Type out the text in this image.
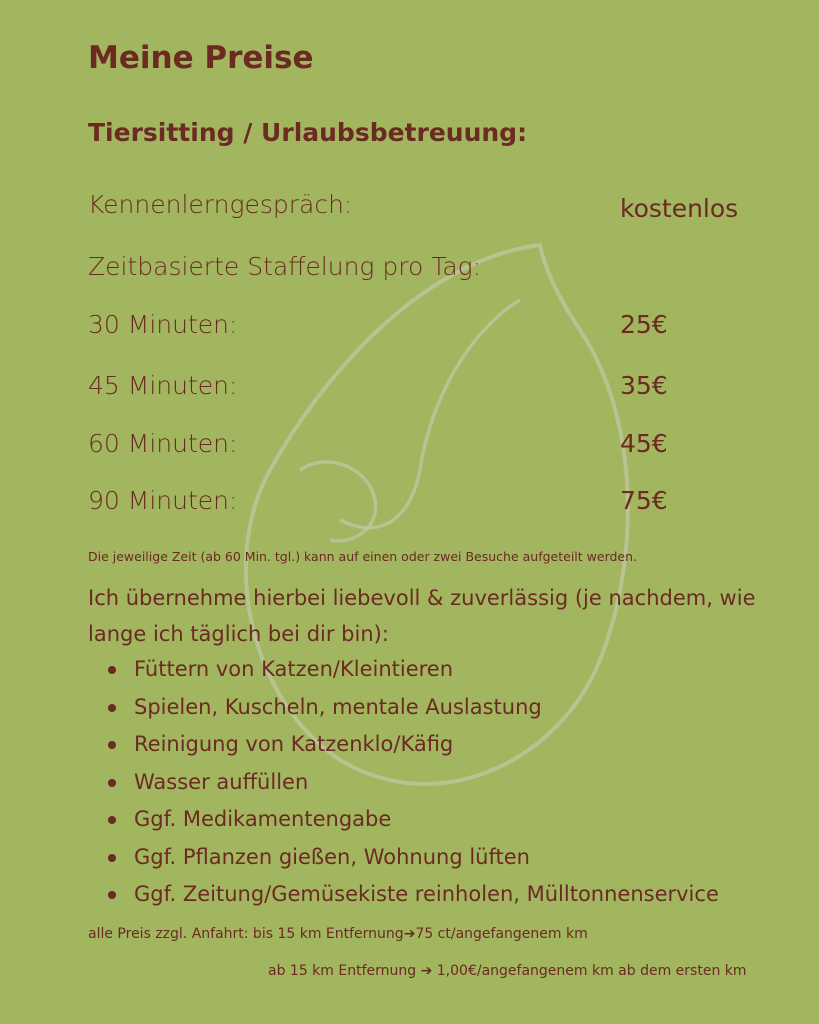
Meine Preise
Tiersitting / Urlaubsbetreuung:
Kennenlerngespräch:	kostenlos
Zeitbasierte Staffelung pro Tag:
30 Minuten:	25€
45 Minuten:	35€
60 Minuten:	45€
90 Minuten:	75€
Die jeweilige Zeit (ab 60 Min. tgl.) kann auf einen oder zwei Besuche aufgeteilt werden.
Ich übernehme hierbei liebevoll & zuverlässig (je nachdem, wie lange ich täglich bei dir bin):
Füttern von Katzen/Kleintieren
Spielen, Kuscheln, mentale Auslastung
Reinigung von Katzenklo/Käfig
Wasser auffüllen
Ggf. Medikamentengabe
Ggf. Pflanzen gießen, Wohnung lüften
Ggf. Zeitung/Gemüsekiste reinholen, Mülltonnenservice
alle Preis zzgl. Anfahrt: bis 15 km Entfernung➔75 ct/angefangenem km
ab 15 km Entfernung ➔ 1,00€/angefangenem km ab dem ersten km
